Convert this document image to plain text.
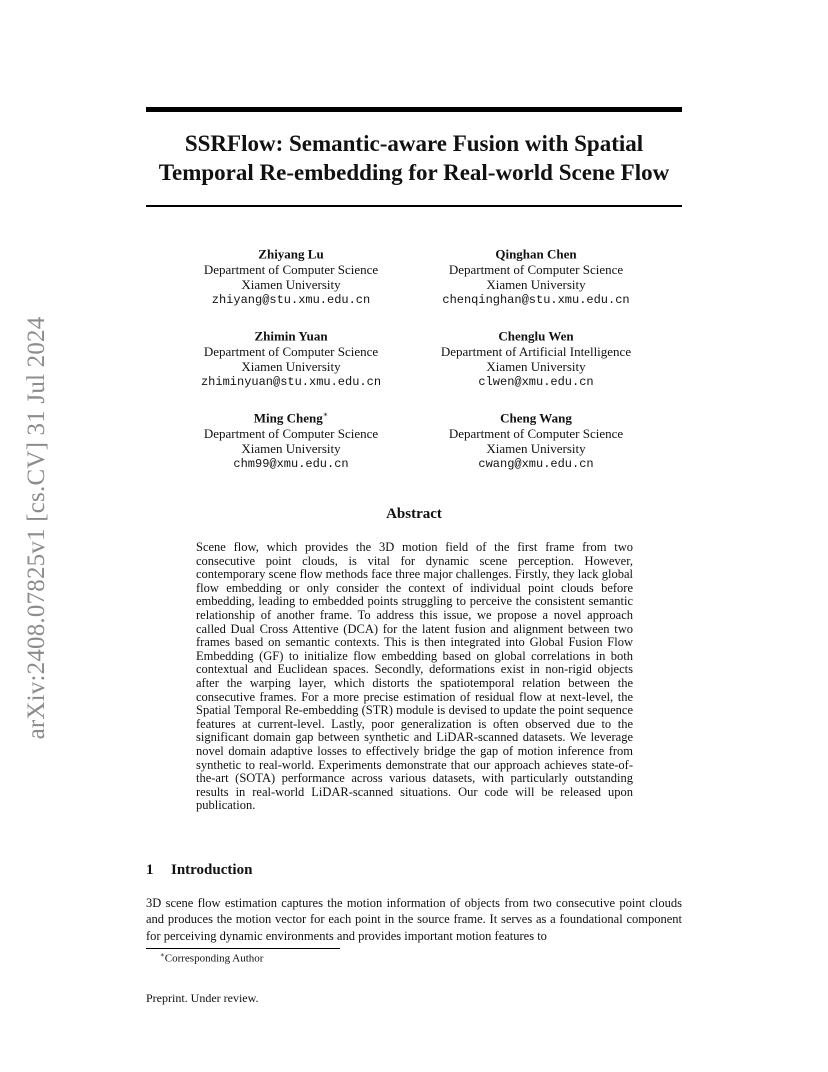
SSRFlow: Semantic-aware Fusion with Spatial
Temporal Re-embedding for Real-world Scene Flow
arXiv:2408.07825v1 [cs.CV] 31 Jul 2024
Zhiyang Lu
Department of Computer Science
Xiamen University
zhiyang@stu.xmu.edu.cn
Qinghan Chen
Department of Computer Science
Xiamen University
chenqinghan@stu.xmu.edu.cn
Zhimin Yuan
Department of Computer Science
Xiamen University
zhiminyuan@stu.xmu.edu.cn
Chenglu Wen
Department of Artificial Intelligence
Xiamen University
clwen@xmu.edu.cn
Ming Cheng∗
Department of Computer Science
Xiamen University
chm99@xmu.edu.cn
Cheng Wang
Department of Computer Science
Xiamen University
cwang@xmu.edu.cn
Abstract
Scene flow, which provides the 3D motion field of the first frame from two consecutive point clouds, is vital for dynamic scene perception. However, contemporary scene flow methods face three major challenges. Firstly, they lack global flow embedding or only consider the context of individual point clouds before embedding, leading to embedded points struggling to perceive the consistent semantic relationship of another frame. To address this issue, we propose a novel approach called Dual Cross Attentive (DCA) for the latent fusion and alignment between two frames based on semantic contexts. This is then integrated into Global Fusion Flow Embedding (GF) to initialize flow embedding based on global correlations in both contextual and Euclidean spaces. Secondly, deformations exist in non-rigid objects after the warping layer, which distorts the spatiotemporal relation between the consecutive frames. For a more precise estimation of residual flow at next-level, the Spatial Temporal Re-embedding (STR) module is devised to update the point sequence features at current-level. Lastly, poor generalization is often observed due to the significant domain gap between synthetic and LiDAR-scanned datasets. We leverage novel domain adaptive losses to effectively bridge the gap of motion inference from synthetic to real-world. Experiments demonstrate that our approach achieves state-of-the-art (SOTA) performance across various datasets, with particularly outstanding results in real-world LiDAR-scanned situations. Our code will be released upon publication.
1 Introduction
3D scene flow estimation captures the motion information of objects from two consecutive point clouds and produces the motion vector for each point in the source frame. It serves as a foundational component for perceiving dynamic environments and provides important motion features to
∗Corresponding Author
Preprint. Under review.
